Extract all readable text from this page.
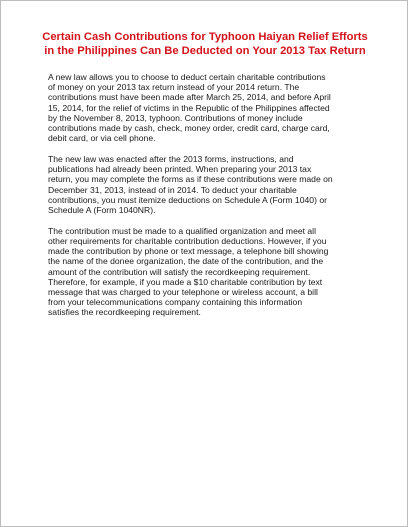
Certain Cash Contributions for Typhoon Haiyan Relief Efforts
in the Philippines Can Be Deducted on Your 2013 Tax Return

A new law allows you to choose to deduct certain charitable contributions
of money on your 2013 tax return instead of your 2014 return. The
contributions must have been made after March 25, 2014, and before April
15, 2014, for the relief of victims in the Republic of the Philippines affected
by the November 8, 2013, typhoon. Contributions of money include
contributions made by cash, check, money order, credit card, charge card,
debit card, or via cell phone.

The new law was enacted after the 2013 forms, instructions, and
publications had already been printed. When preparing your 2013 tax
return, you may complete the forms as if these contributions were made on
December 31, 2013, instead of in 2014. To deduct your charitable
contributions, you must itemize deductions on Schedule A (Form 1040) or
Schedule A (Form 1040NR).

The contribution must be made to a qualified organization and meet all
other requirements for charitable contribution deductions. However, if you
made the contribution by phone or text message, a telephone bill showing
the name of the donee organization, the date of the contribution, and the
amount of the contribution will satisfy the recordkeeping requirement.
Therefore, for example, if you made a $10 charitable contribution by text
message that was charged to your telephone or wireless account, a bill
from your telecommunications company containing this information
satisfies the recordkeeping requirement.
